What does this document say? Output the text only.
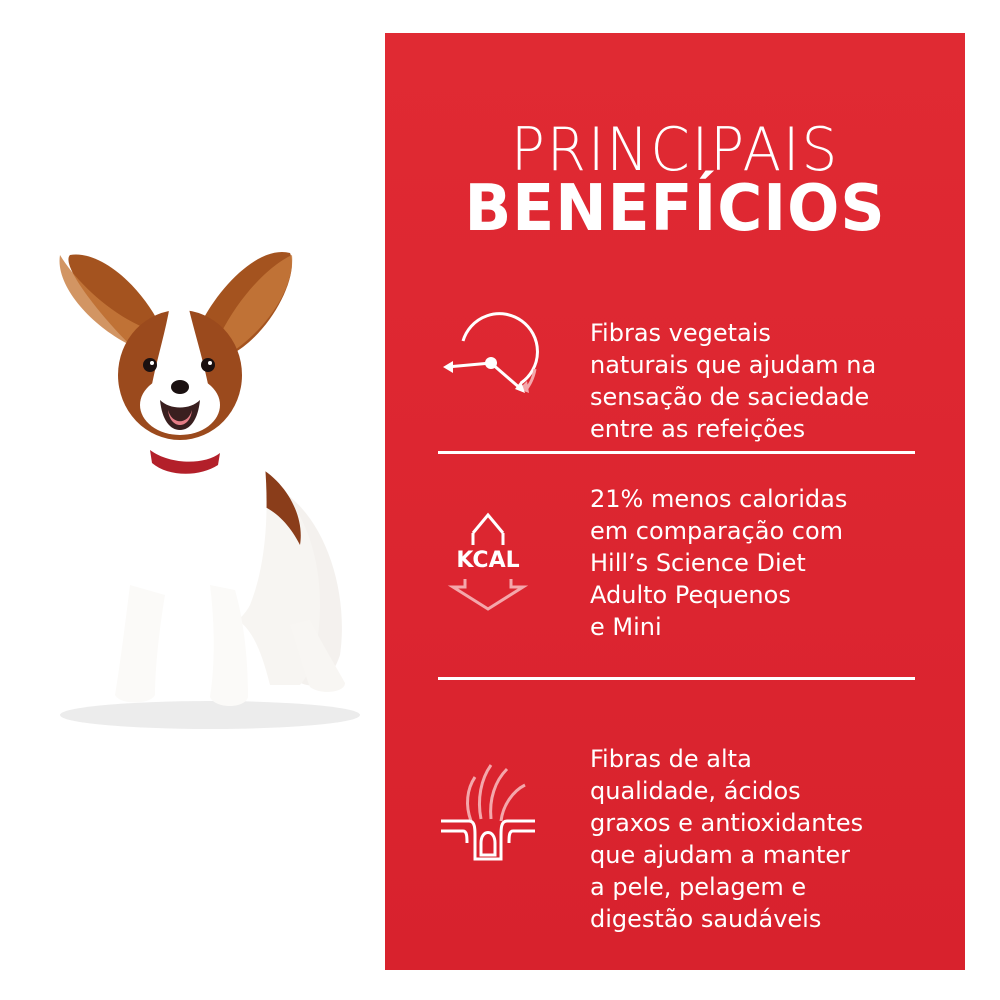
PRINCIPAIS
BENEFÍCIOS
Fibras vegetais
naturais que ajudam na
sensação de saciedade
entre as refeições
KCAL
21% menos caloridas
em comparação com
Hill’s Science Diet
Adulto Pequenos
e Mini
Fibras de alta
qualidade, ácidos
graxos e antioxidantes
que ajudam a manter
a pele, pelagem e
digestão saudáveis
